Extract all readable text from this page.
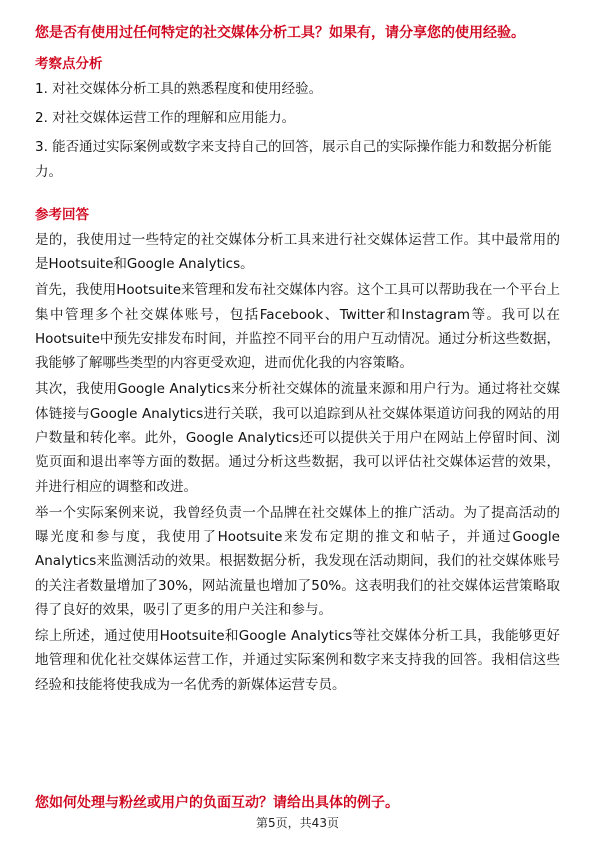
您是否有使用过任何特定的社交媒体分析工具？如果有，请分享您的使用经验。
考察点分析
1. 对社交媒体分析工具的熟悉程度和使用经验。
2. 对社交媒体运营工作的理解和应用能力。
3. 能否通过实际案例或数字来支持自己的回答，展示自己的实际操作能力和数据分析能力。
参考回答

是的，我使用过一些特定的社交媒体分析工具来进行社交媒体运营工作。其中最常用的是Hootsuite和Google Analytics。

首先，我使用Hootsuite来管理和发布社交媒体内容。这个工具可以帮助我在一个平台上集中管理多个社交媒体账号，包括Facebook、Twitter和Instagram等。我可以在Hootsuite中预先安排发布时间，并监控不同平台的用户互动情况。通过分析这些数据，我能够了解哪些类型的内容更受欢迎，进而优化我的内容策略。

其次，我使用Google Analytics来分析社交媒体的流量来源和用户行为。通过将社交媒体链接与Google Analytics进行关联，我可以追踪到从社交媒体渠道访问我的网站的用户数量和转化率。此外，Google Analytics还可以提供关于用户在网站上停留时间、浏览页面和退出率等方面的数据。通过分析这些数据，我可以评估社交媒体运营的效果，并进行相应的调整和改进。

举一个实际案例来说，我曾经负责一个品牌在社交媒体上的推广活动。为了提高活动的曝光度和参与度，我使用了Hootsuite来发布定期的推文和帖子，并通过Google Analytics来监测活动的效果。根据数据分析，我发现在活动期间，我们的社交媒体账号的关注者数量增加了30%，网站流量也增加了50%。这表明我们的社交媒体运营策略取得了良好的效果，吸引了更多的用户关注和参与。

综上所述，通过使用Hootsuite和Google Analytics等社交媒体分析工具，我能够更好地管理和优化社交媒体运营工作，并通过实际案例和数字来支持我的回答。我相信这些经验和技能将使我成为一名优秀的新媒体运营专员。

您如何处理与粉丝或用户的负面互动？请给出具体的例子。
第5页，共43页
